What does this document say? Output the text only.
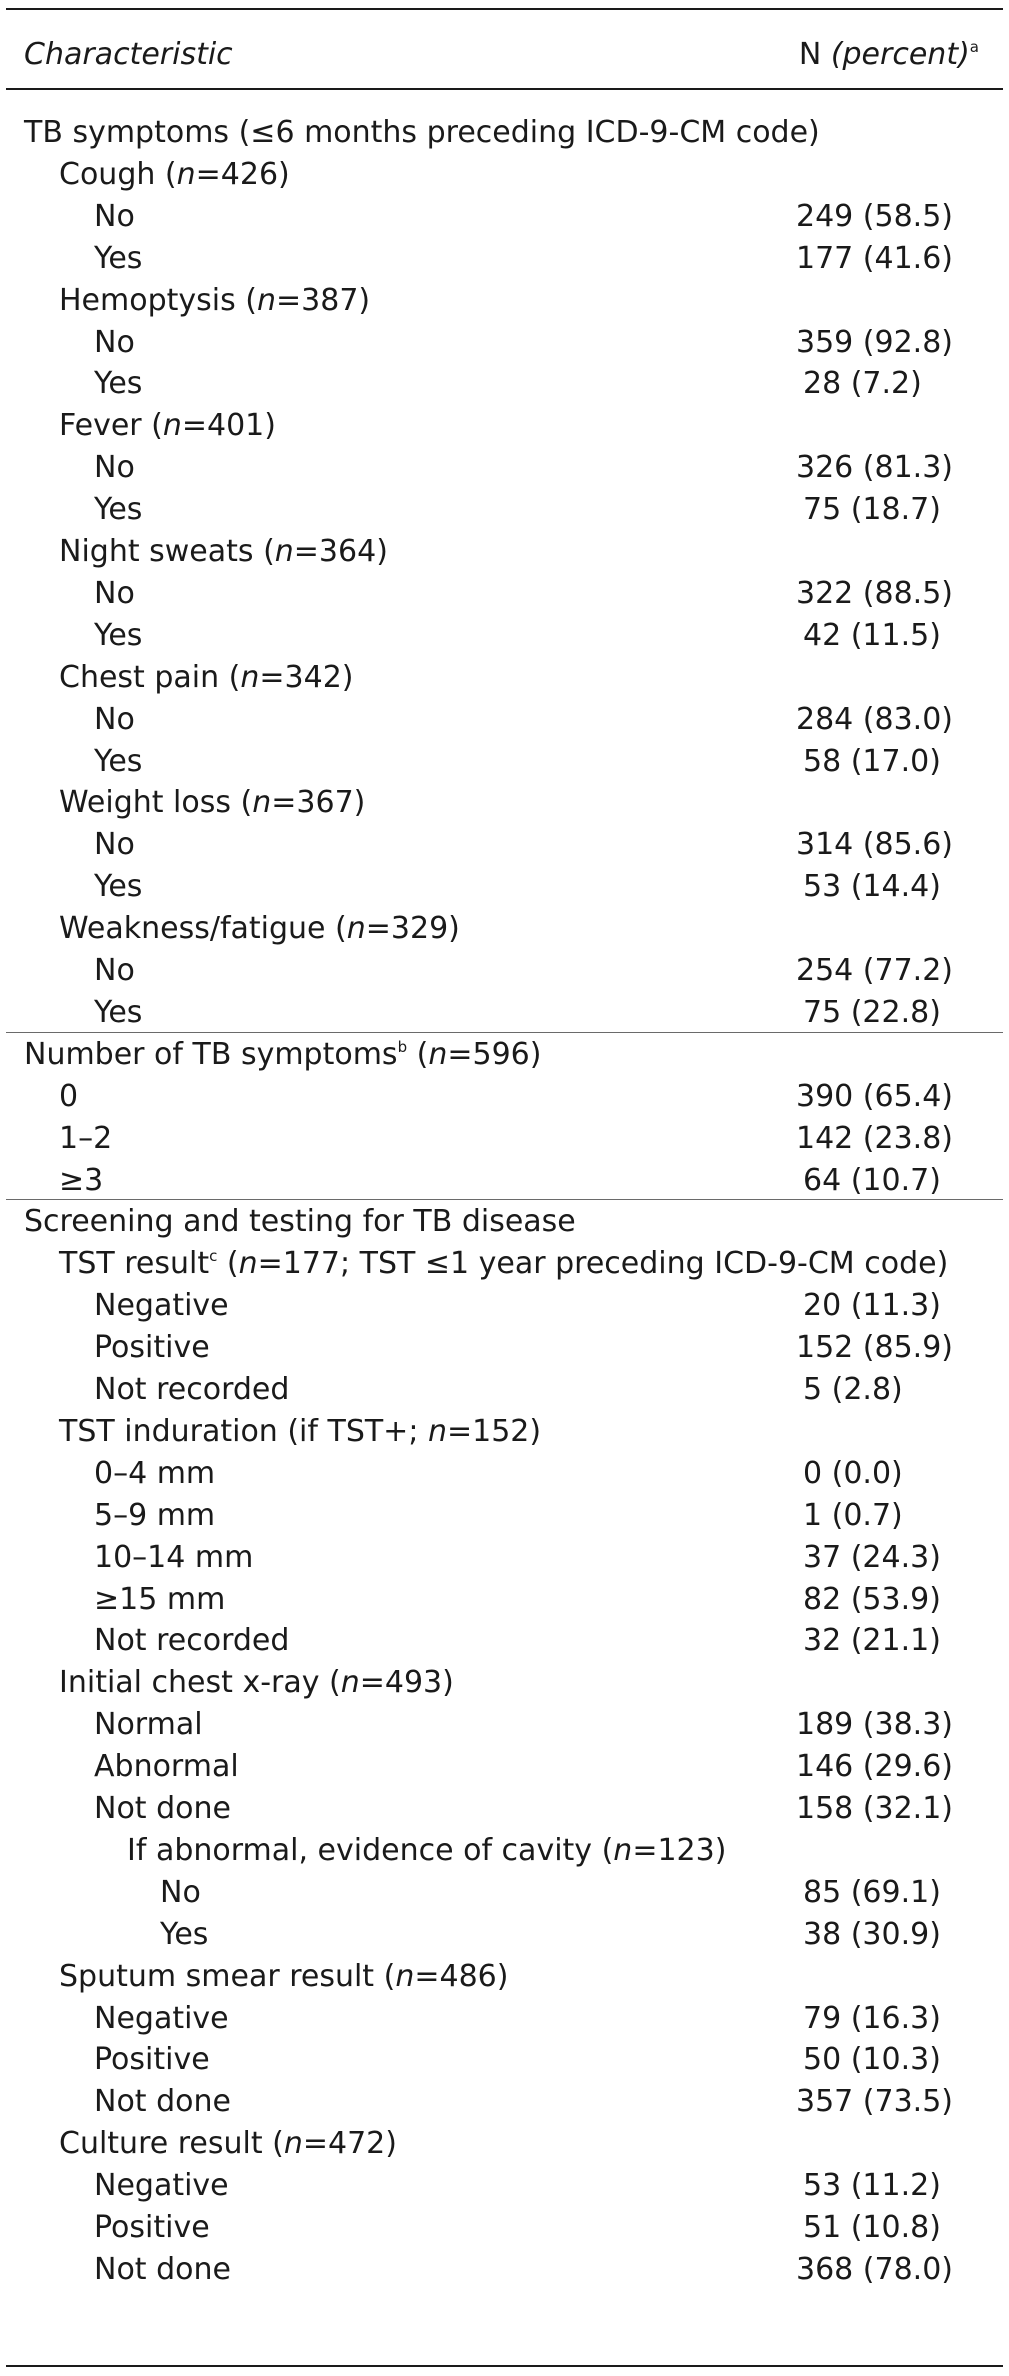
Characteristic	N (percent)$^a$
TB symptoms (≤6 months preceding ICD-9-CM code)
Cough (n=426)
No	249 (58.5)
Yes	177 (41.6)
Hemoptysis (n=387)
No	359 (92.8)
Yes	28 (7.2)
Fever (n=401)
No	326 (81.3)
Yes	75 (18.7)
Night sweats (n=364)
No	322 (88.5)
Yes	42 (11.5)
Chest pain (n=342)
No	284 (83.0)
Yes	58 (17.0)
Weight loss (n=367)
No	314 (85.6)
Yes	53 (14.4)
Weakness/fatigue (n=329)
No	254 (77.2)
Yes	75 (22.8)
Number of TB symptoms$^b$ (n=596)
0	390 (65.4)
1–2	142 (23.8)
≥3	64 (10.7)
Screening and testing for TB disease
TST result$^c$ (n=177; TST ≤1 year preceding ICD-9-CM code)
Negative	20 (11.3)
Positive	152 (85.9)
Not recorded	5 (2.8)
TST induration (if TST+; n=152)
0–4 mm	0 (0.0)
5–9 mm	1 (0.7)
10–14 mm	37 (24.3)
≥15 mm	82 (53.9)
Not recorded	32 (21.1)
Initial chest x-ray (n=493)
Normal	189 (38.3)
Abnormal	146 (29.6)
Not done	158 (32.1)
If abnormal, evidence of cavity (n=123)
No	85 (69.1)
Yes	38 (30.9)
Sputum smear result (n=486)
Negative	79 (16.3)
Positive	50 (10.3)
Not done	357 (73.5)
Culture result (n=472)
Negative	53 (11.2)
Positive	51 (10.8)
Not done	368 (78.0)
